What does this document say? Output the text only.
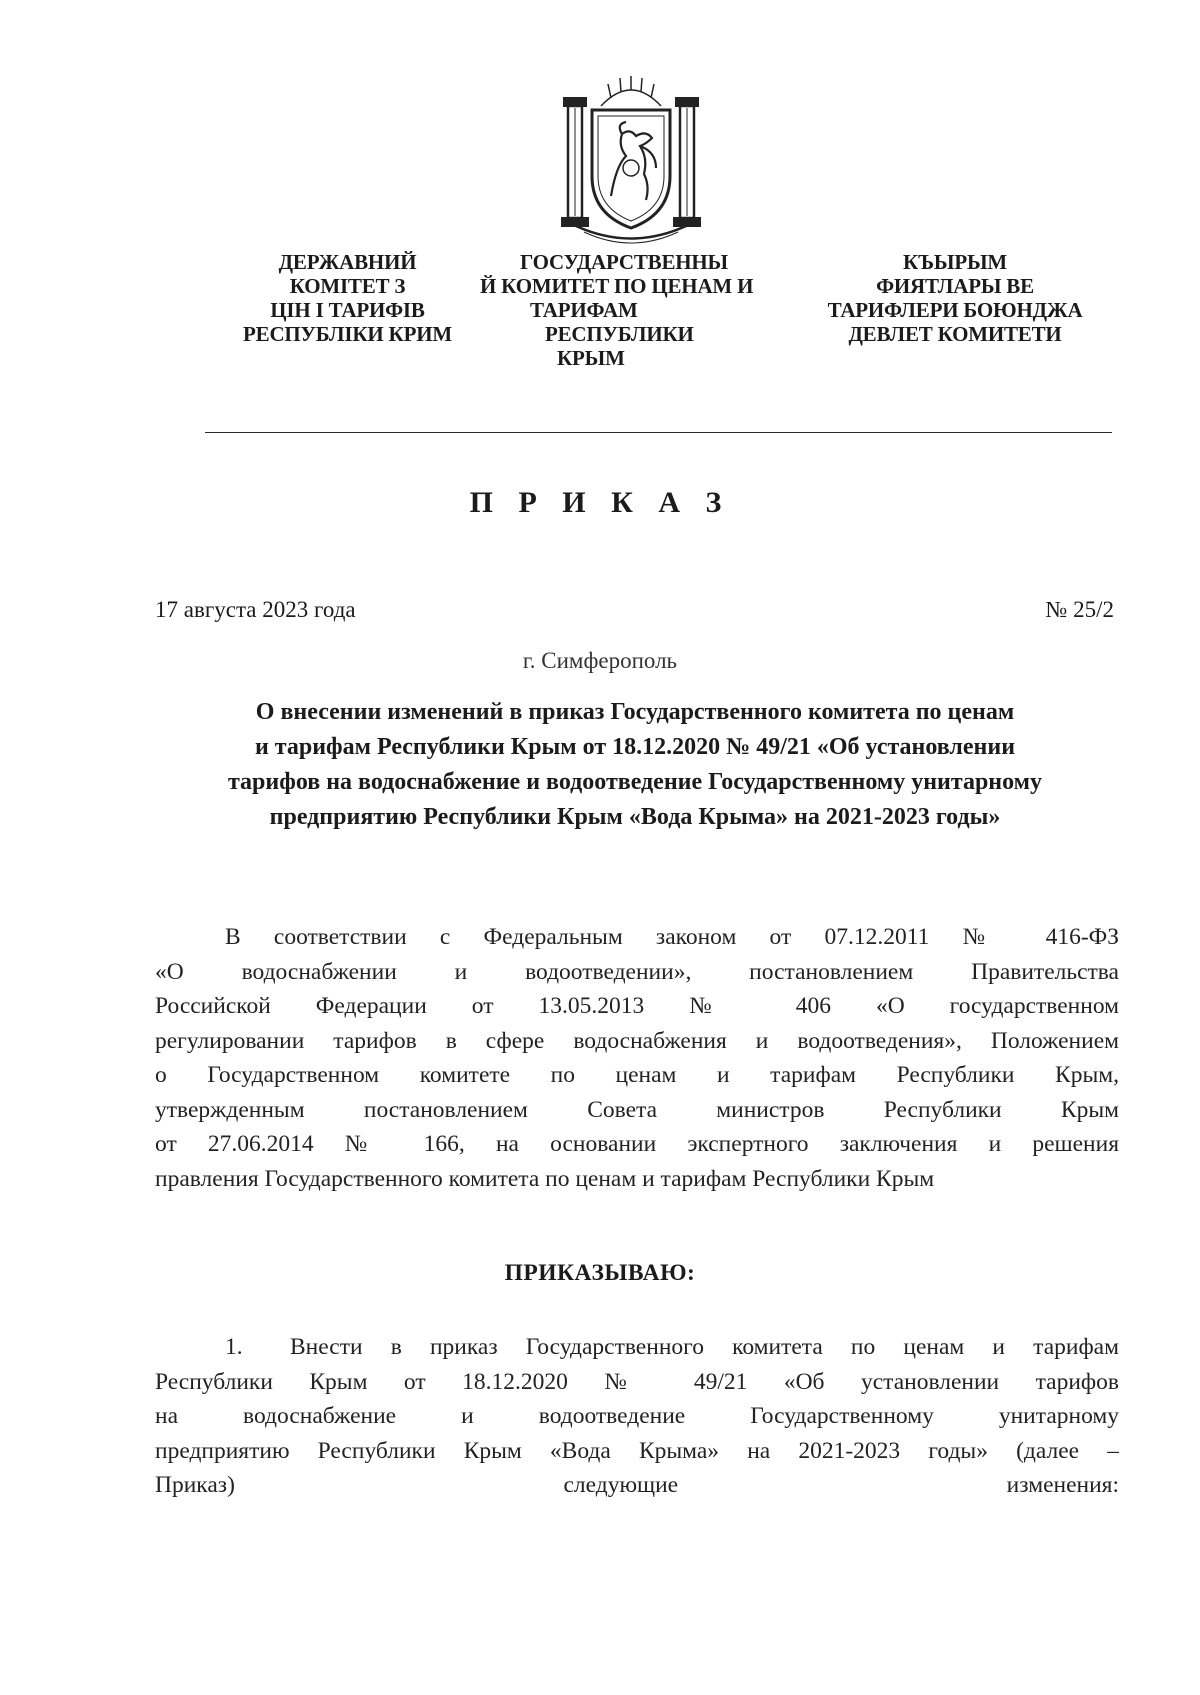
ДЕРЖАВНИЙ
КОМІТЕТ З
ЦІН І ТАРИФІВ
РЕСПУБЛІКИ КРИМ
ГОСУДАРСТВЕННЫ
Й КОМИТЕТ ПО ЦЕНАМ И
ТАРИФАМ
РЕСПУБЛИКИ
КРЫМ
КЪЫРЫМ
ФИЯТЛАРЫ ВЕ
ТАРИФЛЕРИ БОЮНДЖА
ДЕВЛЕТ КОМИТЕТИ
П Р И К А З
17 августа 2023 года	№ 25/2
г. Симферополь
О внесении изменений в приказ Государственного комитета по ценам
и тарифам Республики Крым от 18.12.2020 № 49/21 «Об установлении
тарифов на водоснабжение и водоотведение Государственному унитарному
предприятию Республики Крым «Вода Крыма» на 2021-2023 годы»
В соответствии с Федеральным законом от 07.12.2011 № 416-ФЗ
«О водоснабжении и водоотведении», постановлением Правительства
Российской Федерации от 13.05.2013 № 406 «О государственном
регулировании тарифов в сфере водоснабжения и водоотведения», Положением
о Государственном комитете по ценам и тарифам Республики Крым,
утвержденным постановлением Совета министров Республики Крым
от 27.06.2014 № 166, на основании экспертного заключения и решения
правления Государственного комитета по ценам и тарифам Республики Крым
ПРИКАЗЫВАЮ:
1.	Внести в приказ Государственного комитета по ценам и тарифам
Республики Крым от 18.12.2020 № 49/21 «Об установлении тарифов
на водоснабжение и водоотведение Государственному унитарному
предприятию Республики Крым «Вода Крыма» на 2021-2023 годы» (далее –
Приказ) следующие изменения:
